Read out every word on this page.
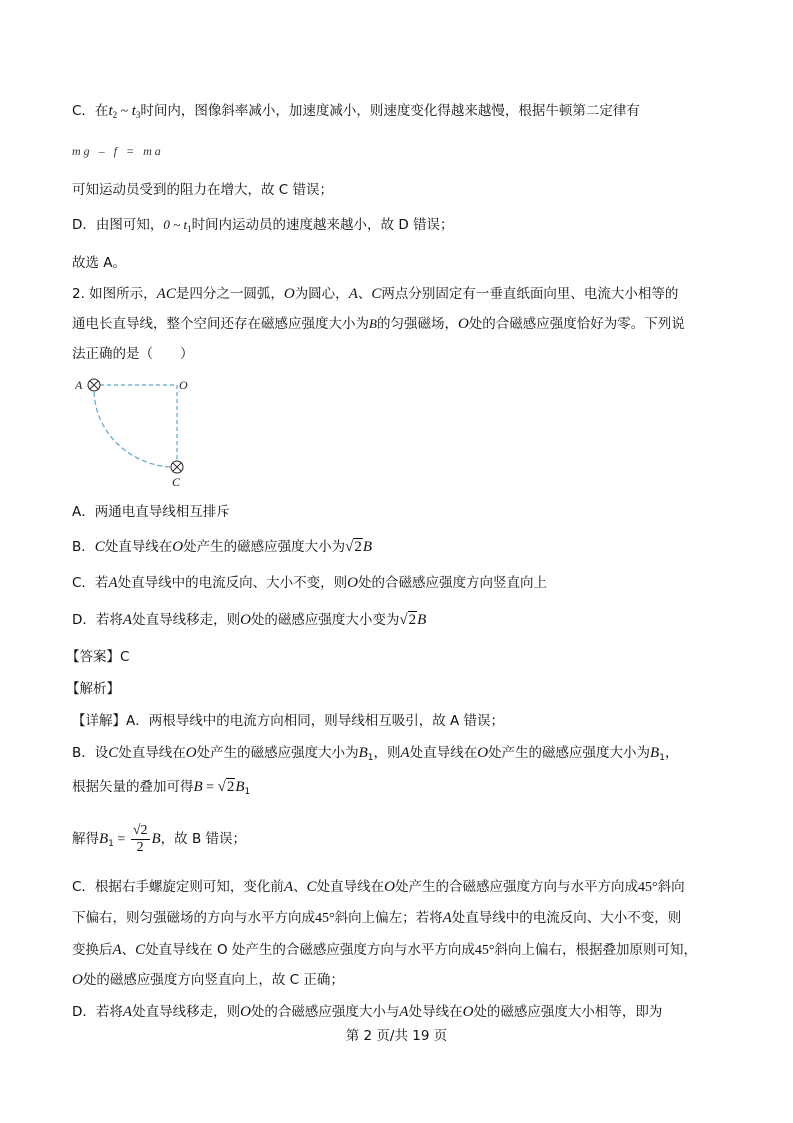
C．在$t_2$ ~ $t_3$时间内，图像斜率减小，加速度减小，则速度变化得越来越慢，根据牛顿第二定律有
mg – f = ma
可知运动员受到的阻力在增大，故 C 错误；
D．由图可知，0 ~ $t_1$时间内运动员的速度越来越小，故 D 错误；
故选 A。
2. 如图所示，AC是四分之一圆弧，O为圆心，A、C两点分别固定有一垂直纸面向里、电流大小相等的
通电长直导线，整个空间还存在磁感应强度大小为B的匀强磁场，O处的合磁感应强度恰好为零。下列说
法正确的是（　　）
A	O
C
A．两通电直导线相互排斥
B．C处直导线在O处产生的磁感应强度大小为√2B
C．若A处直导线中的电流反向、大小不变，则O处的合磁感应强度方向竖直向上
D．若将A处直导线移走，则O处的磁感应强度大小变为√2B
【答案】C
【解析】
【详解】A．两根导线中的电流方向相同，则导线相互吸引，故 A 错误；
B．设C处直导线在O处产生的磁感应强度大小为$B_1$，则A处直导线在O处产生的磁感应强度大小为$B_1$，
根据矢量的叠加可得$B = √2B_1$
解得$B_1 = \frac{√2}{2}$ B，故 B 错误；
C．根据右手螺旋定则可知，变化前A、C处直导线在O处产生的合磁感应强度方向与水平方向成45°斜向
下偏右，则匀强磁场的方向与水平方向成45°斜向上偏左；若将A处直导线中的电流反向、大小不变，则
变换后A、C处直导线在 O 处产生的合磁感应强度方向与水平方向成45°斜向上偏右，根据叠加原则可知，
O处的磁感应强度方向竖直向上，故 C 正确；
D．若将A处直导线移走，则O处的合磁感应强度大小与A处导线在O处的磁感应强度大小相等，即为
第 2 页/共 19 页
